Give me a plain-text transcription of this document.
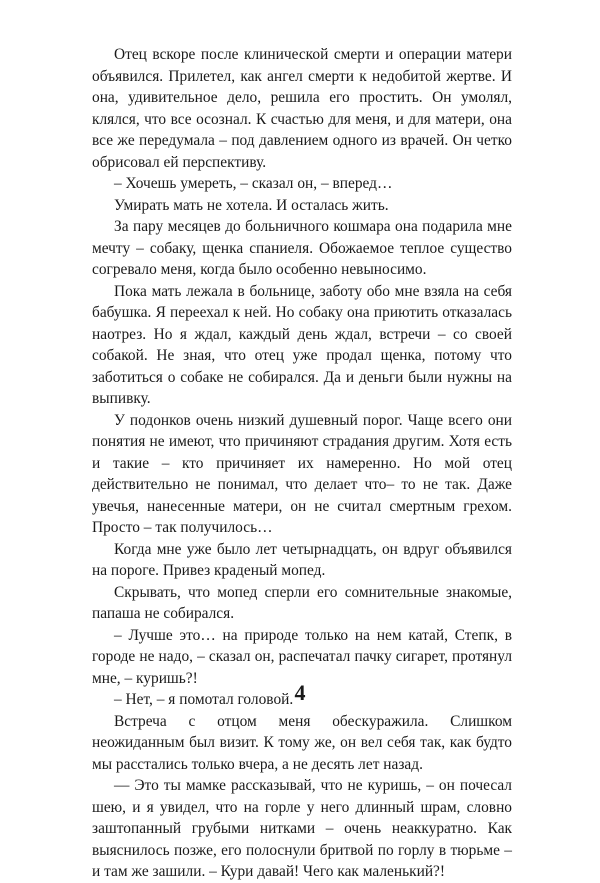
Отец вскоре после клинической смерти и операции матери объявился. Прилетел, как ангел смерти к недобитой жертве. И она, удивительное дело, решила его простить. Он умолял, клялся, что все осознал. К счастью для меня, и для матери, она все же передумала – под давлением одного из врачей. Он четко обрисовал ей перспективу.

– Хочешь умереть, – сказал он, – вперед…

Умирать мать не хотела. И осталась жить.

За пару месяцев до больничного кошмара она подарила мне мечту – собаку, щенка спаниеля. Обожаемое теплое существо согревало меня, когда было особенно невыносимо.

Пока мать лежала в больнице, заботу обо мне взяла на себя бабушка. Я переехал к ней. Но собаку она приютить отказалась наотрез. Но я ждал, каждый день ждал, встречи – со своей собакой. Не зная, что отец уже продал щенка, потому что заботиться о собаке не собирался. Да и деньги были нужны на выпивку.

У подонков очень низкий душевный порог. Чаще всего они понятия не имеют, что причиняют страдания другим. Хотя есть и такие – кто причиняет их намеренно. Но мой отец действительно не понимал, что делает что– то не так. Даже увечья, нанесенные матери, он не считал смертным грехом. Просто – так получилось…

Когда мне уже было лет четырнадцать, он вдруг объявился на пороге. Привез краденый мопед.

Скрывать, что мопед сперли его сомнительные знакомые, папаша не собирался.

– Лучше это… на природе только на нем катай, Степк, в городе не надо, – сказал он, распечатал пачку сигарет, протянул мне, – куришь?!

– Нет, – я помотал головой.

Встреча с отцом меня обескуражила. Слишком неожиданным был визит. К тому же, он вел себя так, как будто мы расстались только вчера, а не десять лет назад.

— Это ты мамке рассказывай, что не куришь, – он почесал шею, и я увидел, что на горле у него длинный шрам, словно заштопанный грубыми нитками – очень неаккуратно. Как выяснилось позже, его полоснули бритвой по горлу в тюрьме – и там же зашили. – Кури давай! Чего как маленький?!

4
